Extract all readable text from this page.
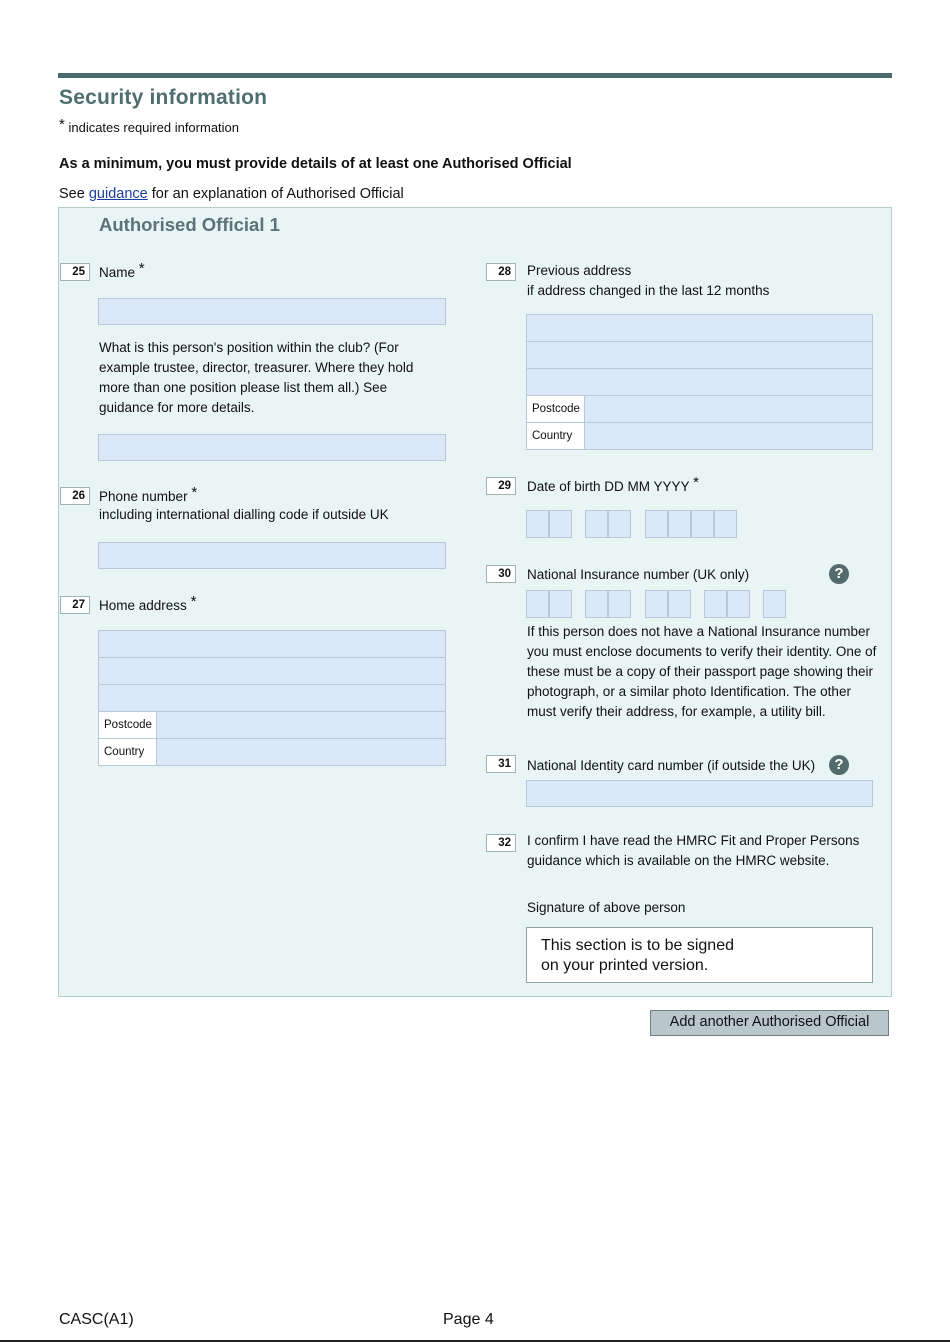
Security information
* indicates required information
As a minimum, you must provide details of at least one Authorised Official
See guidance for an explanation of Authorised Official
Authorised Official 1
25	Name *
What is this person's position within the club? (For example trustee, director, treasurer. Where they hold more than one position please list them all.) See guidance for more details.
26	Phone number *
including international dialling code if outside UK
27	Home address *
Postcode
Country
28	Previous address
if address changed in the last 12 months
Postcode
Country
29	Date of birth DD MM YYYY *
30	National Insurance number (UK only)	?
If this person does not have a National Insurance number you must enclose documents to verify their identity. One of these must be a copy of their passport page showing their photograph, or a similar photo Identification. The other must verify their address, for example, a utility bill.
31	National Identity card number (if outside the UK)	?
32	I confirm I have read the HMRC Fit and Proper Persons guidance which is available on the HMRC website.
Signature of above person
This section is to be signed
on your printed version.
Add another Authorised Official
CASC(A1)	Page 4
